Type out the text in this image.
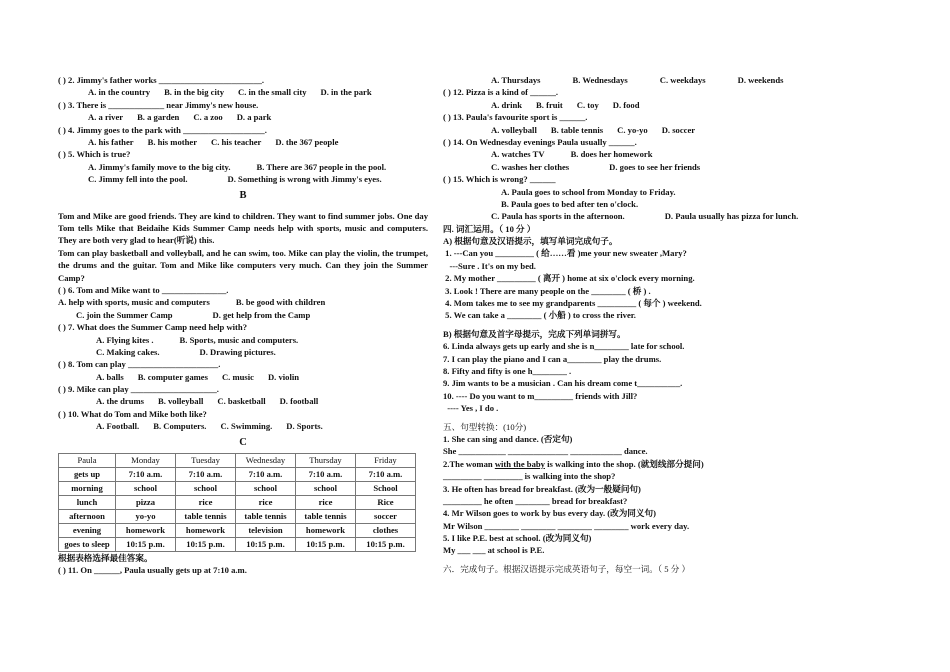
( ) 2. Jimmy's father works ________________________.
A. in the country B. in the big city C. in the small city D. in the park
( ) 3. There is _____________ near Jimmy's new house.
A. a river B. a garden C. a zoo D. a park
( ) 4. Jimmy goes to the park with ___________________.
A. his father B. his mother C. his teacher D. the 367 people
( ) 5. Which is true?
A. Jimmy's family move to the big city.	B. There are 367 people in the pool.
C. Jimmy fell into the pool.	D. Something is wrong with Jimmy's eyes.
B
Tom and Mike are good friends. They are kind to children. They want to find summer jobs. One day Tom tells Mike that Beidaihe Kids Summer Camp needs help with sports, music and computers. They are both very glad to hear(听说) this.
Tom can play basketball and volleyball, and he can swim, too. Mike can play the violin, the trumpet, the drums and the guitar. Tom and Mike like computers very much. Can they join the Summer Camp?
( ) 6. Tom and Mike want to _______________.
A. help with sports, music and computers	B. be good with children
C. join the Summer Camp	D. get help from the Camp
( ) 7. What does the Summer Camp need help with?
A. Flying kites .	B. Sports, music and computers.
C. Making cakes.	D. Drawing pictures.
( ) 8. Tom can play _____________________.
A. balls B. computer games C. music D. violin
( ) 9. Mike can play ____________________.
A. the drums B. volleyball C. basketball D. football
( ) 10. What do Tom and Mike both like?
A. Football. B. Computers. C. Swimming. D. Sports.
C
Paula	Monday	Tuesday	Wednesday	Thursday	Friday
gets up	7:10 a.m.	7:10 a.m.	7:10 a.m.	7:10 a.m.	7:10 a.m.
morning	school	school	school	school	School
lunch	pizza	rice	rice	rice	Rice
afternoon	yo-yo	table tennis	table tennis	table tennis	soccer
evening	homework	homework	television	homework	clothes
goes to sleep	10:15 p.m.	10:15 p.m.	10:15 p.m.	10:15 p.m.	10:15 p.m.
根据表格选择最佳答案。
( ) 11. On ______, Paula usually gets up at 7:10 a.m.
A. Thursdays	B. Wednesdays	C. weekdays	D. weekends
( ) 12. Pizza is a kind of ______.
A. drink B. fruit C. toy D. food
( ) 13. Paula's favourite sport is ______.
A. volleyball B. table tennis C. yo-yo D. soccer
( ) 14. On Wednesday evenings Paula usually ______.
A. watches TV	B. does her homework
C. washes her clothes	D. goes to see her friends
( ) 15. Which is wrong? ______
A. Paula goes to school from Monday to Friday.
B. Paula goes to bed after ten o'clock.
C. Paula has sports in the afternoon.	D. Paula usually has pizza for lunch.
四. 词汇运用。（ 10 分 ）
A) 根据句意及汉语提示，填写单词完成句子。
1. ---Can you _________ ( 给……看 )me your new sweater ,Mary?
---Sure . It's on my bed.
2. My mother _________ ( 离开 ) home at six o'clock every morning.
3. Look ! There are many people on the ________ ( 桥 ) .
4. Mom takes me to see my grandparents _________ ( 每个 ) weekend.
5. We can take a ________ ( 小船 ) to cross the river.
B) 根据句意及首字母提示，完成下列单词拼写。
6. Linda always gets up early and she is n________ late for school.
7. I can play the piano and I can a________ play the drums.
8. Fifty and fifty is one h________ .
9. Jim wants to be a musician . Can his dream come t__________.
10. ---- Do you want to m_________ friends with Jill?
---- Yes , I do .
五、句型转换：(10分)
1. She can sing and dance. (否定句)
She ___________ ______________ ____________ dance.
2.The woman with the baby is walking into the shop. (就划线部分提问)
_________ _________ is walking into the shop?
3. He often has bread for breakfast. (改为一般疑问句)
_________ he often ________ bread for breakfast?
4. Mr Wilson goes to work by bus every day. (改为同义句)
Mr Wilson ________ ________ ________ ________ work every day.
5. I like P.E. best at school. (改为同义句)
My ___ ___ at school is P.E.
六．完成句子。根据汉语提示完成英语句子，每空一词。（ 5 分 ）
